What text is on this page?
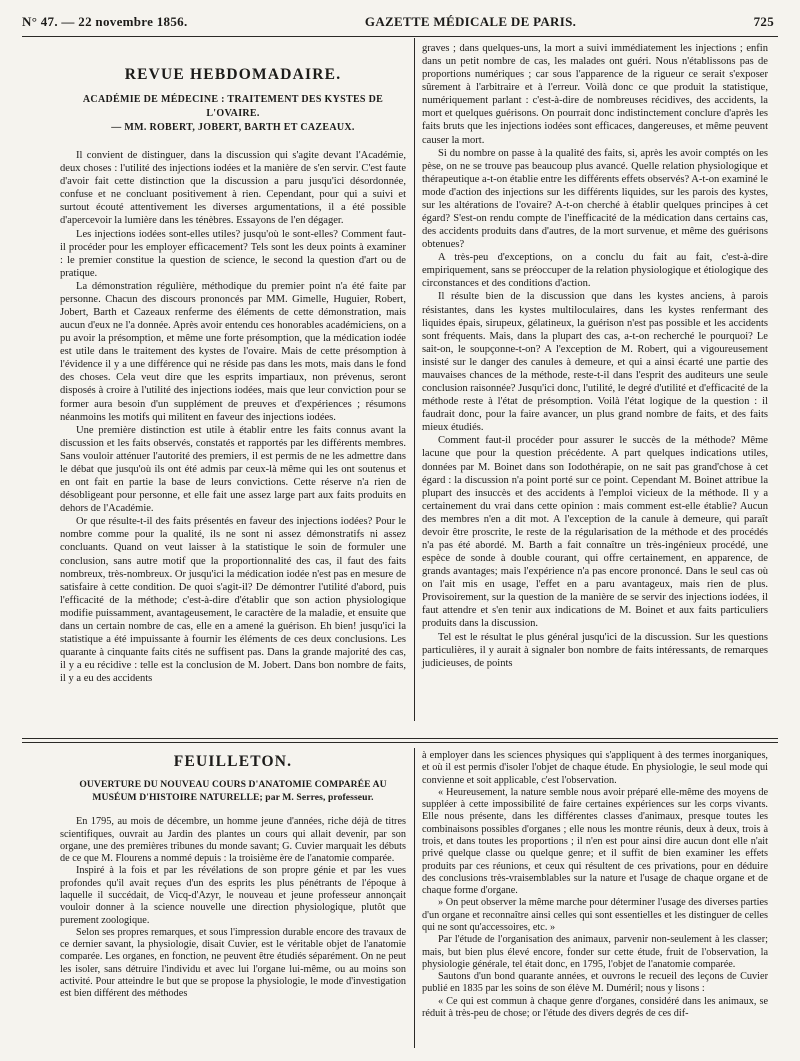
N° 47. — 22 novembre 1856.	GAZETTE MÉDICALE DE PARIS.	725
REVUE HEBDOMADAIRE.
ACADÉMIE DE MÉDECINE : TRAITEMENT DES KYSTES DE L'OVAIRE.
— MM. ROBERT, JOBERT, BARTH ET CAZEAUX.

Il convient de distinguer, dans la discussion qui s'agite devant l'Académie, deux choses : l'utilité des injections iodées et la manière de s'en servir. C'est faute d'avoir fait cette distinction que la discussion a paru jusqu'ici désordonnée, confuse et ne concluant positivement à rien. Cependant, pour qui a suivi et surtout écouté attentivement les diverses argumentations, il a été possible d'apercevoir la lumière dans les ténèbres. Essayons de l'en dégager.

Les injections iodées sont-elles utiles? jusqu'où le sont-elles? Comment faut-il procéder pour les employer efficacement? Tels sont les deux points à examiner : le premier constitue la question de science, le second la question d'art ou de pratique.

La démonstration régulière, méthodique du premier point n'a été faite par personne. Chacun des discours prononcés par MM. Gimelle, Huguier, Robert, Jobert, Barth et Cazeaux renferme des éléments de cette démonstration, mais aucun d'eux ne l'a donnée. Après avoir entendu ces honorables académiciens, on a pu avoir la présomption, et même une forte présomption, que la médication iodée est utile dans le traitement des kystes de l'ovaire. Mais de cette présomption à l'évidence il y a une différence qui ne réside pas dans les mots, mais dans le fond des choses. Cela veut dire que les esprits impartiaux, non prévenus, seront disposés à croire à l'utilité des injections iodées, mais que leur conviction pour se former aura besoin d'un supplément de preuves et d'expériences ; résumons néanmoins les motifs qui militent en faveur des injections iodées.

Une première distinction est utile à établir entre les faits connus avant la discussion et les faits observés, constatés et rapportés par les différents membres. Sans vouloir atténuer l'autorité des premiers, il est permis de ne les admettre dans le débat que jusqu'où ils ont été admis par ceux-là même qui les ont soutenus et en ont fait en partie la base de leurs convictions. Cette réserve n'a rien de désobligeant pour personne, et elle fait une assez large part aux faits produits en dehors de l'Académie.

Or que résulte-t-il des faits présentés en faveur des injections iodées? Pour le nombre comme pour la qualité, ils ne sont ni assez démonstratifs ni assez concluants. Quand on veut laisser à la statistique le soin de formuler une conclusion, sans autre motif que la proportionnalité des cas, il faut des faits nombreux, très-nombreux. Or jusqu'ici la médication iodée n'est pas en mesure de satisfaire à cette condition. De quoi s'agit-il? De démontrer l'utilité d'abord, puis l'efficacité de la méthode; c'est-à-dire d'établir que son action physiologique modifie puissamment, avantageusement, le caractère de la maladie, et ensuite que dans un certain nombre de cas, elle en a amené la guérison. Eh bien! jusqu'ici la statistique a été impuissante à fournir les éléments de ces deux conclusions. Les quarante à cinquante faits cités ne suffisent pas. Dans la grande majorité des cas, il y a eu récidive : telle est la conclusion de M. Jobert. Dans bon nombre de faits, il y a eu des accidents

graves ; dans quelques-uns, la mort a suivi immédiatement les injections ; enfin dans un petit nombre de cas, les malades ont guéri. Nous n'établissons pas de proportions numériques ; car sous l'apparence de la rigueur ce serait s'exposer sûrement à l'arbitraire et à l'erreur. Voilà donc ce que produit la statistique, numériquement parlant : c'est-à-dire de nombreuses récidives, des accidents, la mort et quelques guérisons. On pourrait donc indistinctement conclure d'après les faits bruts que les injections iodées sont efficaces, dangereuses, et même peuvent causer la mort.

Si du nombre on passe à la qualité des faits, si, après les avoir comptés on les pèse, on ne se trouve pas beaucoup plus avancé. Quelle relation physiologique et thérapeutique a-t-on établie entre les différents effets observés? A-t-on examiné le mode d'action des injections sur les différents liquides, sur les parois des kystes, sur les altérations de l'ovaire? A-t-on cherché à établir quelques principes à cet égard? S'est-on rendu compte de l'inefficacité de la médication dans certains cas, des accidents produits dans d'autres, de la mort survenue, et même des guérisons obtenues?

A très-peu d'exceptions, on a conclu du fait au fait, c'est-à-dire empiriquement, sans se préoccuper de la relation physiologique et étiologique des circonstances et des conditions d'action.

Il résulte bien de la discussion que dans les kystes anciens, à parois résistantes, dans les kystes multiloculaires, dans les kystes renfermant des liquides épais, sirupeux, gélatineux, la guérison n'est pas possible et les accidents sont fréquents. Mais, dans la plupart des cas, a-t-on recherché le pourquoi? Le sait-on, le soupçonne-t-on? A l'exception de M. Robert, qui a vigoureusement insisté sur le danger des canules à demeure, et qui a ainsi écarté une partie des mauvaises chances de la méthode, reste-t-il dans l'esprit des auditeurs une seule conclusion raisonnée? Jusqu'ici donc, l'utilité, le degré d'utilité et d'efficacité de la méthode reste à l'état de présomption. Voilà l'état logique de la question : il faudrait donc, pour la faire avancer, un plus grand nombre de faits, et des faits mieux étudiés.

Comment faut-il procéder pour assurer le succès de la méthode? Même lacune que pour la question précédente. A part quelques indications utiles, données par M. Boinet dans son Iodothérapie, on ne sait pas grand'chose à cet égard : la discussion n'a point porté sur ce point. Cependant M. Boinet attribue la plupart des insuccès et des accidents à l'emploi vicieux de la méthode. Il y a certainement du vrai dans cette opinion : mais comment est-elle établie? Aucun des membres n'en a dit mot. A l'exception de la canule à demeure, qui paraît devoir être proscrite, le reste de la régularisation de la méthode et des procédés n'a pas été abordé. M. Barth a fait connaître un très-ingénieux procédé, une espèce de sonde à double courant, qui offre certainement, en apparence, de grands avantages; mais l'expérience n'a pas encore prononcé. Dans le seul cas où on l'ait mis en usage, l'effet en a paru avantageux, mais rien de plus. Provisoirement, sur la question de la manière de se servir des injections iodées, il faut attendre et s'en tenir aux indications de M. Boinet et aux faits particuliers produits dans la discussion.

Tel est le résultat le plus général jusqu'ici de la discussion. Sur les questions particulières, il y aurait à signaler bon nombre de faits intéressants, de remarques judicieuses, de points

FEUILLETON.
OUVERTURE DU NOUVEAU COURS D'ANATOMIE COMPARÉE AU MUSÉUM D'HISTOIRE NATURELLE; par M. Serres, professeur.

En 1795, au mois de décembre, un homme jeune d'années, riche déjà de titres scientifiques, ouvrait au Jardin des plantes un cours qui allait devenir, par son organe, une des premières tribunes du monde savant; G. Cuvier marquait les débuts de ce que M. Flourens a nommé depuis : la troisième ère de l'anatomie comparée.

Inspiré à la fois et par les révélations de son propre génie et par les vues profondes qu'il avait reçues d'un des esprits les plus pénétrants de l'époque à laquelle il succédait, de Vicq-d'Azyr, le nouveau et jeune professeur annonçait vouloir donner à la science nouvelle une direction physiologique, plutôt que purement zoologique.

Selon ses propres remarques, et sous l'impression durable encore des travaux de ce dernier savant, la physiologie, disait Cuvier, est le véritable objet de l'anatomie comparée. Les organes, en fonction, ne peuvent être étudiés séparément. On ne peut les isoler, sans détruire l'individu et avec lui l'organe lui-même, ou au moins son activité. Pour atteindre le but que se propose la physiologie, le mode d'investigation est bien différent des méthodes

à employer dans les sciences physiques qui s'appliquent à des termes inorganiques, et où il est permis d'isoler l'objet de chaque étude. En physiologie, le seul mode qui convienne et soit applicable, c'est l'observation.

« Heureusement, la nature semble nous avoir préparé elle-même des moyens de suppléer à cette impossibilité de faire certaines expériences sur les corps vivants. Elle nous présente, dans les différentes classes d'animaux, presque toutes les combinaisons possibles d'organes ; elle nous les montre réunis, deux à deux, trois à trois, et dans toutes les proportions ; il n'en est pour ainsi dire aucun dont elle n'ait privé quelque classe ou quelque genre; et il suffit de bien examiner les effets produits par ces réunions, et ceux qui résultent de ces privations, pour en déduire des conclusions très-vraisemblables sur la nature et l'usage de chaque organe et de chaque forme d'organe.

» On peut observer la même marche pour déterminer l'usage des diverses parties d'un organe et reconnaître ainsi celles qui sont essentielles et les distinguer de celles qui ne sont qu'accessoires, etc. »

Par l'étude de l'organisation des animaux, parvenir non-seulement à les classer; mais, but bien plus élevé encore, fonder sur cette étude, fruit de l'observation, la physiologie générale, tel était donc, en 1795, l'objet de l'anatomie comparée.

Sautons d'un bond quarante années, et ouvrons le recueil des leçons de Cuvier publié en 1835 par les soins de son élève M. Duméril; nous y lisons :

« Ce qui est commun à chaque genre d'organes, considéré dans les animaux, se réduit à très-peu de chose; or l'étude des divers degrés de ces dif-
